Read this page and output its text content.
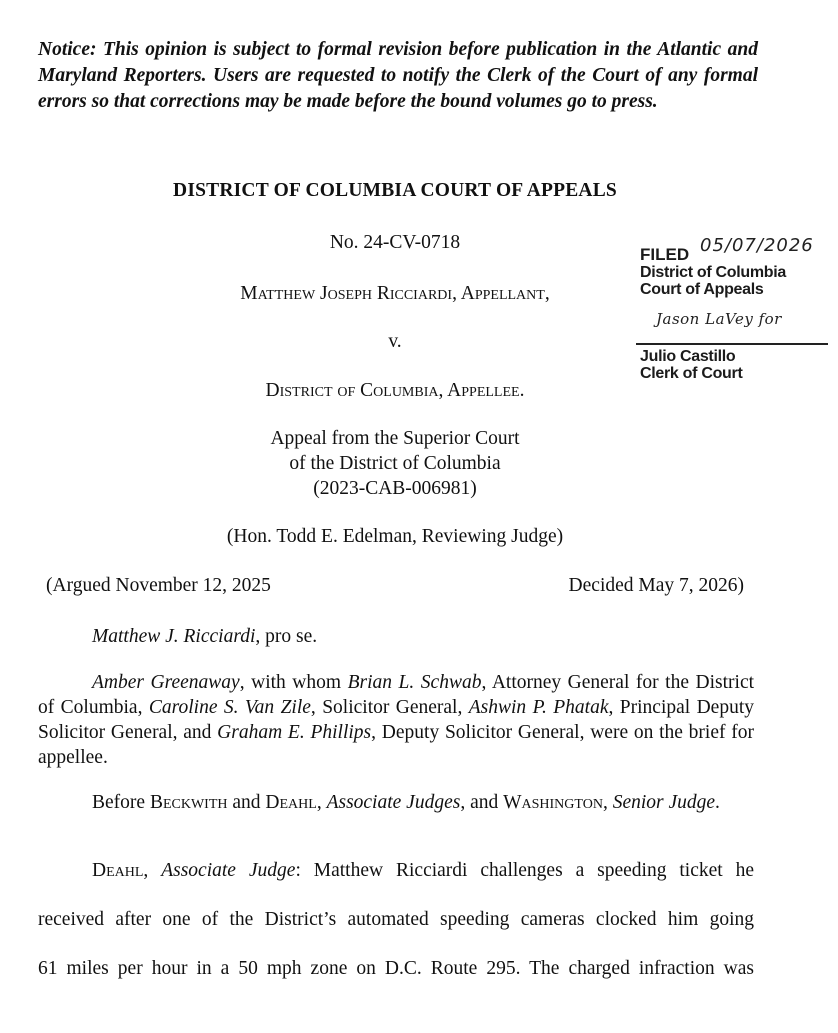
Notice: This opinion is subject to formal revision before publication in the Atlantic and Maryland Reporters. Users are requested to notify the Clerk of the Court of any formal errors so that corrections may be made before the bound volumes go to press.
DISTRICT OF COLUMBIA COURT OF APPEALS
No. 24-CV-0718
Matthew Joseph Ricciardi, Appellant,
v.
District of Columbia, Appellee.
Appeal from the Superior Court
of the District of Columbia
(2023-CAB-006981)
(Hon. Todd E. Edelman, Reviewing Judge)
(Argued November 12, 2025	Decided May 7, 2026)
FILED 05/07/2026
District of Columbia
Court of Appeals
Jason LaVey for
Julio Castillo
Clerk of Court
Matthew J. Ricciardi, pro se.
Amber Greenaway, with whom Brian L. Schwab, Attorney General for the District of Columbia, Caroline S. Van Zile, Solicitor General, Ashwin P. Phatak, Principal Deputy Solicitor General, and Graham E. Phillips, Deputy Solicitor General, were on the brief for appellee.
Before Beckwith and Deahl, Associate Judges, and Washington, Senior Judge.
Deahl, Associate Judge: Matthew Ricciardi challenges a speeding ticket he
received after one of the District’s automated speeding cameras clocked him going
61 miles per hour in a 50 mph zone on D.C. Route 295. The charged infraction was
